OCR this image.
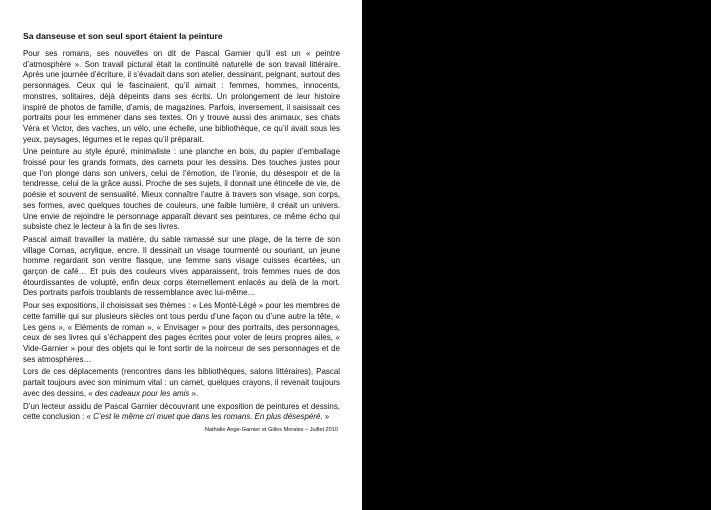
Sa danseuse et son seul sport étaient la peinture

Pour ses romans, ses nouvelles on dit de Pascal Garnier qu’il est un « peintre d’atmosphère ». Son travail pictural était la continuité naturelle de son travail littéraire. Après une journée d’écriture, il s’évadait dans son atelier, dessinant, peignant, surtout des personnages. Ceux qui le fascinaient, qu’il aimait : femmes, hommes, innocents, monstres, solitaires, déjà dépeints dans ses écrits. Un prolongement de leur histoire inspiré de photos de famille, d’amis, de magazines. Parfois, inversement, il saisissait ces portraits pour les emmener dans ses textes. On y trouve aussi des animaux, ses chats Véra et Victor, des vaches, un vélo, une échelle, une bibliothèque, ce qu’il avait sous les yeux, paysages, légumes et le repas qu’il préparait.

Une peinture au style épuré, minimaliste : une planche en bois, du papier d’emballage froissé pour les grands formats, des carnets pour les dessins. Des touches justes pour que l’on plonge dans son univers, celui de l’émotion, de l’ironie, du désespoir et de la tendresse, celui de la grâce aussi. Proche de ses sujets, il donnait une étincelle de vie, de poésie et souvent de sensualité. Mieux connaître l’autre à travers son visage, son corps, ses formes, avec quelques touches de couleurs, une faible lumière, il créait un univers. Une envie de rejoindre le personnage apparaît devant ses peintures, ce même écho qui subsiste chez le lecteur à la fin de ses livres.

Pascal aimait travailler la matière, du sable ramassé sur une plage, de la terre de son village Cornas, acrylique, encre. Il dessinait un visage tourmenté ou souriant, un jeune homme regardant son ventre flasque, une femme sans visage cuisses écartées, un garçon de café… Et puis des couleurs vives apparaissent, trois femmes nues de dos étourdissantes de volupté, enfin deux corps éternellement enlacés au delà de la mort. Des portraits parfois troublants de ressemblance avec lui-même…

Pour ses expositions, il choisissait ses thèmes : « Les Monté-Légé » pour les membres de cette famille qui sur plusieurs siècles ont tous perdu d’une façon ou d’une autre la tête, « Les gens », « Eléments de roman », « Envisager » pour des portraits, des personnages, ceux de ses livres qui s’échappent des pages écrites pour voler de leurs propres ailes, « Vide-Garnier » pour des objets qui le font sortir de la noirceur de ses personnages et de ses atmosphères…

Lors de ces déplacements (rencontres dans les bibliothèques, salons littéraires), Pascal partait toujours avec son minimum vital : un carnet, quelques crayons, il revenait toujours avec des dessins, « des cadeaux pour les amis ».

D’un lecteur assidu de Pascal Garnier découvrant une exposition de peintures et dessins, cette conclusion : « C’est le même cri muet que dans les romans. En plus désespéré. »

Nathalie Ange-Garnier et Gilles Morales – Juillet 2010
